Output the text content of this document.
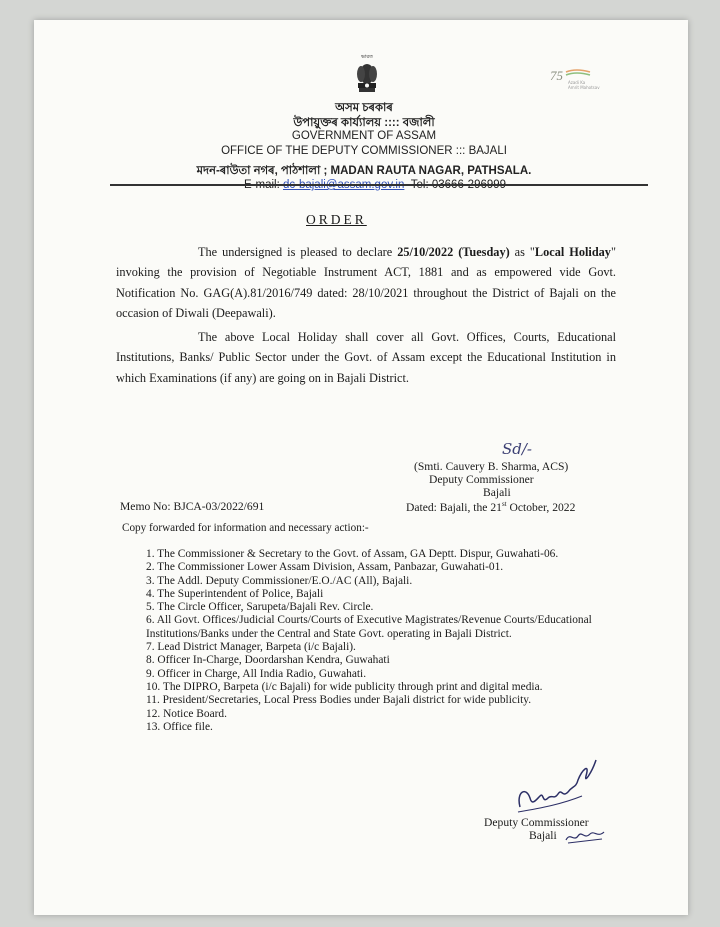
ভারত
75 Azadi Ka
Amrit Mahotsav
অসম চৰকাৰ
উপায়ুক্তৰ কাৰ্য্যালয় :::: বজালী
GOVERNMENT OF ASSAM
OFFICE OF THE DEPUTY COMMISSIONER ::: BAJALI
মদন-ৰাউতা নগৰ, পাঠশালা ; MADAN RAUTA NAGAR, PATHSALA.

ORDER
The undersigned is pleased to declare 25/10/2022 (Tuesday) as "Local Holiday" invoking the provision of Negotiable Instrument ACT, 1881 and as empowered vide Govt. Notification No. GAG(A).81/2016/749 dated: 28/10/2021 throughout the District of Bajali on the occasion of Diwali (Deepawali).
The above Local Holiday shall cover all Govt. Offices, Courts, Educational Institutions, Banks/ Public Sector under the Govt. of Assam except the Educational Institution in which Examinations (if any) are going on in Bajali District.
Sd/-
(Smti. Cauvery B. Sharma, ACS)
Deputy Commissioner
Bajali
Memo No: BJCA-03/2022/691	Dated: Bajali, the 21st October, 2022
Copy forwarded for information and necessary action:-
1. The Commissioner & Secretary to the Govt. of Assam, GA Deptt. Dispur, Guwahati-06.
2. The Commissioner Lower Assam Division, Assam, Panbazar, Guwahati-01.
3. The Addl. Deputy Commissioner/E.O./AC (All), Bajali.
4. The Superintendent of Police, Bajali
5. The Circle Officer, Sarupeta/Bajali Rev. Circle.
6. All Govt. Offices/Judicial Courts/Courts of Executive Magistrates/Revenue Courts/Educational Institutions/Banks under the Central and State Govt. operating in Bajali District.
7. Lead District Manager, Barpeta (i/c Bajali).
8. Officer In-Charge, Doordarshan Kendra, Guwahati
9. Officer in Charge, All India Radio, Guwahati.
10. The DIPRO, Barpeta (i/c Bajali) for wide publicity through print and digital media.
11. President/Secretaries, Local Press Bodies under Bajali district for wide publicity.
12. Notice Board.
13. Office file.
Deputy Commissioner
Bajali
